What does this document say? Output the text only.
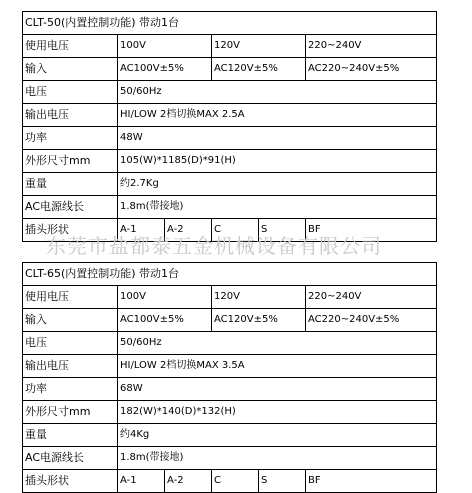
CLT-50(内置控制功能) 带动1台					
使用电压	100V		120V		220~240V
输入	AC100V±5%		AC120V±5%		AC220~240V±5%
电压	50/60Hz				
输出电压	HI/LOW 2档切换MAX 2.5A				
功率	48W				
外形尺寸mm	105(W)*1185(D)*91(H)				
重量	约2.7Kg				
AC电源线长	1.8m(带接地)				
插头形状	A-1	A-2	C	S	BF
东莞市盐都泰五金机械设备有限公司
CLT-65(内置控制功能) 带动1台					
使用电压	100V		120V		220~240V
输入	AC100V±5%		AC120V±5%		AC220~240V±5%
电压	50/60Hz				
输出电压	HI/LOW 2档切换MAX 3.5A				
功率	68W				
外形尺寸mm	182(W)*140(D)*132(H)				
重量	约4Kg				
AC电源线长	1.8m(带接地)				
插头形状	A-1	A-2	C	S	BF
